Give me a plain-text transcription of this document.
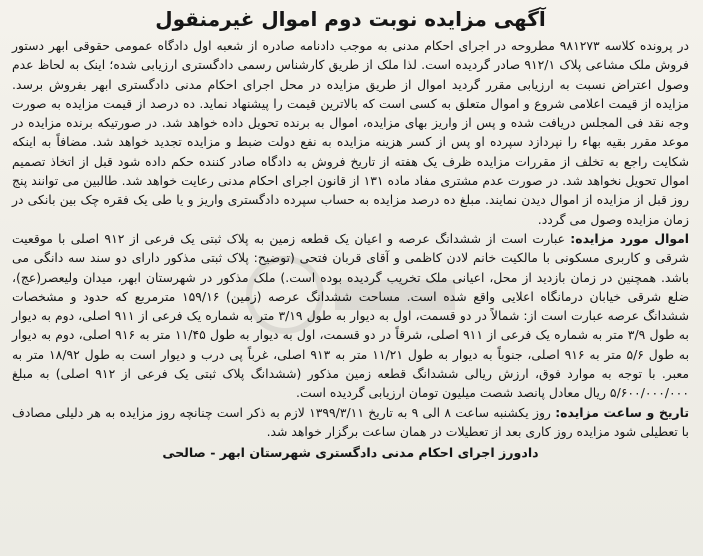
آگهی مزایده نوبت دوم اموال غیرمنقول

در پرونده کلاسه ۹۸۱۲۷۳ مطروحه در اجرای احکام مدنی به موجب دادنامه صادره از شعبه اول دادگاه عمومی حقوقی ابهر دستور فروش ملک مشاعی پلاک ۹۱۲/۱ صادر گردیده است. لذا ملک از طریق کارشناس رسمی دادگستری ارزیابی شده؛ اینک به لحاظ عدم وصول اعتراض نسبت به ارزیابی مقرر گردید اموال از طریق مزایده در محل اجرای احکام مدنی دادگستری ابهر بفروش برسد. مزایده از قیمت اعلامی شروع و اموال متعلق به کسی است که بالاترین قیمت را پیشنهاد نماید. ده درصد از قیمت مزایده به صورت وجه نقد فی المجلس دریافت شده و پس از واریز بهای مزایده، اموال به برنده تحویل داده خواهد شد. در صورتیکه برنده مزایده در موعد مقرر بقیه بهاء را نپردازد سپرده او پس از کسر هزینه مزایده به نفع دولت ضبط و مزایده تجدید خواهد شد. مضافاً به اینکه شکایت راجع به تخلف از مقررات مزایده ظرف یک هفته از تاریخ فروش به دادگاه صادر کننده حکم داده شود قبل از اتخاذ تصمیم اموال تحویل نخواهد شد. در صورت عدم مشتری مفاد ماده ۱۳۱ از قانون اجرای احکام مدنی رعایت خواهد شد. طالبین می توانند پنج روز قبل از مزایده از اموال دیدن نمایند. مبلغ ده درصد مزایده به حساب سپرده دادگستری واریز و یا طی یک فقره چک بین بانکی در زمان مزایده وصول می گردد.

اموال مورد مزایده: عبارت است از ششدانگ عرصه و اعیان یک قطعه زمین به پلاک ثبتی یک فرعی از ۹۱۲ اصلی با موقعیت شرقی و کاربری مسکونی با مالکیت خانم لادن کاظمی و آقای قربان فتحی (توضیح: پلاک ثبتی مذکور دارای دو سند سه دانگی می باشد. همچنین در زمان بازدید از محل، اعیانی ملک تخریب گردیده بوده است.) ملک مذکور در شهرستان ابهر، میدان ولیعصر(عج)، ضلع شرقی خیابان درمانگاه اعلایی واقع شده است. مساحت ششدانگ عرصه (زمین) ۱۵۹/۱۶ مترمربع که حدود و مشخصات ششدانگ عرصه عبارت است از: شمالاً در دو قسمت، اول به دیوار به طول ۳/۱۹ متر به شماره یک فرعی از ۹۱۱ اصلی، دوم به دیوار به طول ۳/۹ متر به شماره یک فرعی از ۹۱۱ اصلی، شرقاً در دو قسمت، اول به دیوار به طول ۱۱/۴۵ متر به ۹۱۶ اصلی، دوم به دیوار به طول ۵/۶ متر به ۹۱۶ اصلی، جنوباً به دیوار به طول ۱۱/۲۱ متر به ۹۱۳ اصلی، غرباً پی درب و دیوار است به طول ۱۸/۹۲ متر به معبر. با توجه به موارد فوق، ارزش ریالی ششدانگ قطعه زمین مذکور (ششدانگ پلاک ثبتی یک فرعی از ۹۱۲ اصلی) به مبلغ ۵/۶۰۰/۰۰۰/۰۰۰ ریال معادل پانصد شصت میلیون تومان ارزیابی گردیده است.

تاریخ و ساعت مزایده: روز یکشنبه ساعت ۸ الی ۹ به تاریخ ۱۳۹۹/۳/۱۱ لازم به ذکر است چنانچه روز مزایده به هر دلیلی مصادف با تعطیلی شود مزایده روز کاری بعد از تعطیلات در همان ساعت برگزار خواهد شد.

دادورز اجرای احکام مدنی دادگستری شهرستان ابهر - صالحی
